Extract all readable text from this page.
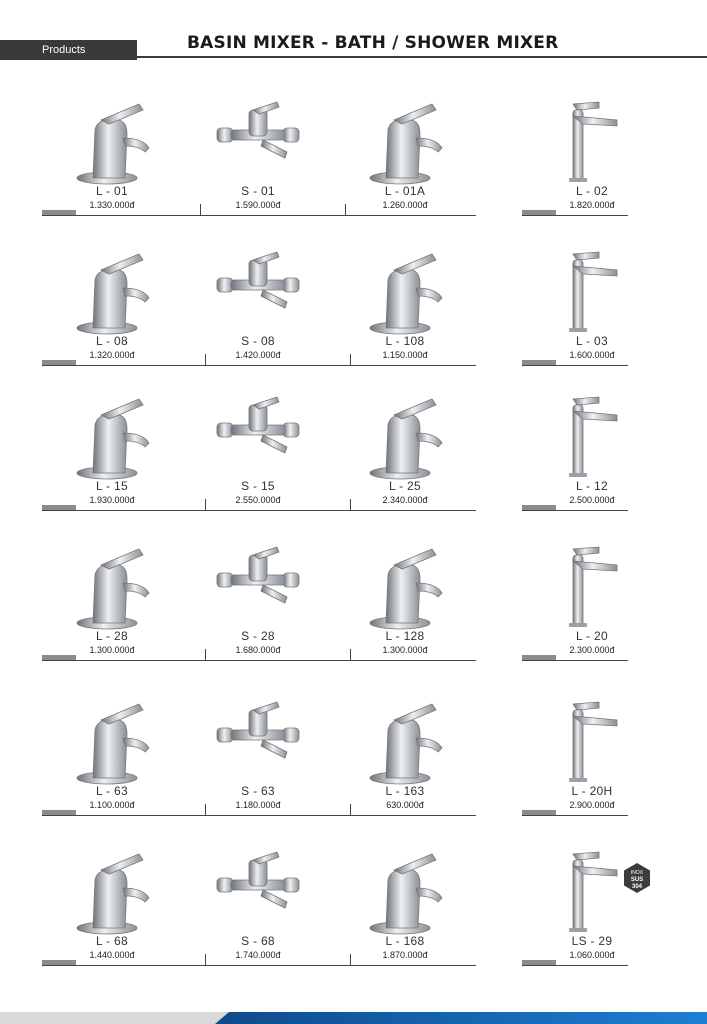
Products Catalogue
BASIN MIXER - BATH / SHOWER MIXER
L - 01
1.330.000đ
S - 01
1.590.000đ
L - 01A
1.260.000đ
L - 02
1.820.000đ
L - 08
1.320.000đ
S - 08
1.420.000đ
L - 108
1.150.000đ
L - 03
1.600.000đ
L - 15
1.930.000đ
S - 15
2.550.000đ
L - 25
2.340.000đ
L - 12
2.500.000đ
L - 28
1.300.000đ
S - 28
1.680.000đ
L - 128
1.300.000đ
L - 20
2.300.000đ
L - 63
1.100.000đ
S - 63
1.180.000đ
L - 163
630.000đ
L - 20H
2.900.000đ
L - 68
1.440.000đ
S - 68
1.740.000đ
L - 168
1.870.000đ
LS - 29
1.060.000đ
INOX
SUS
304
